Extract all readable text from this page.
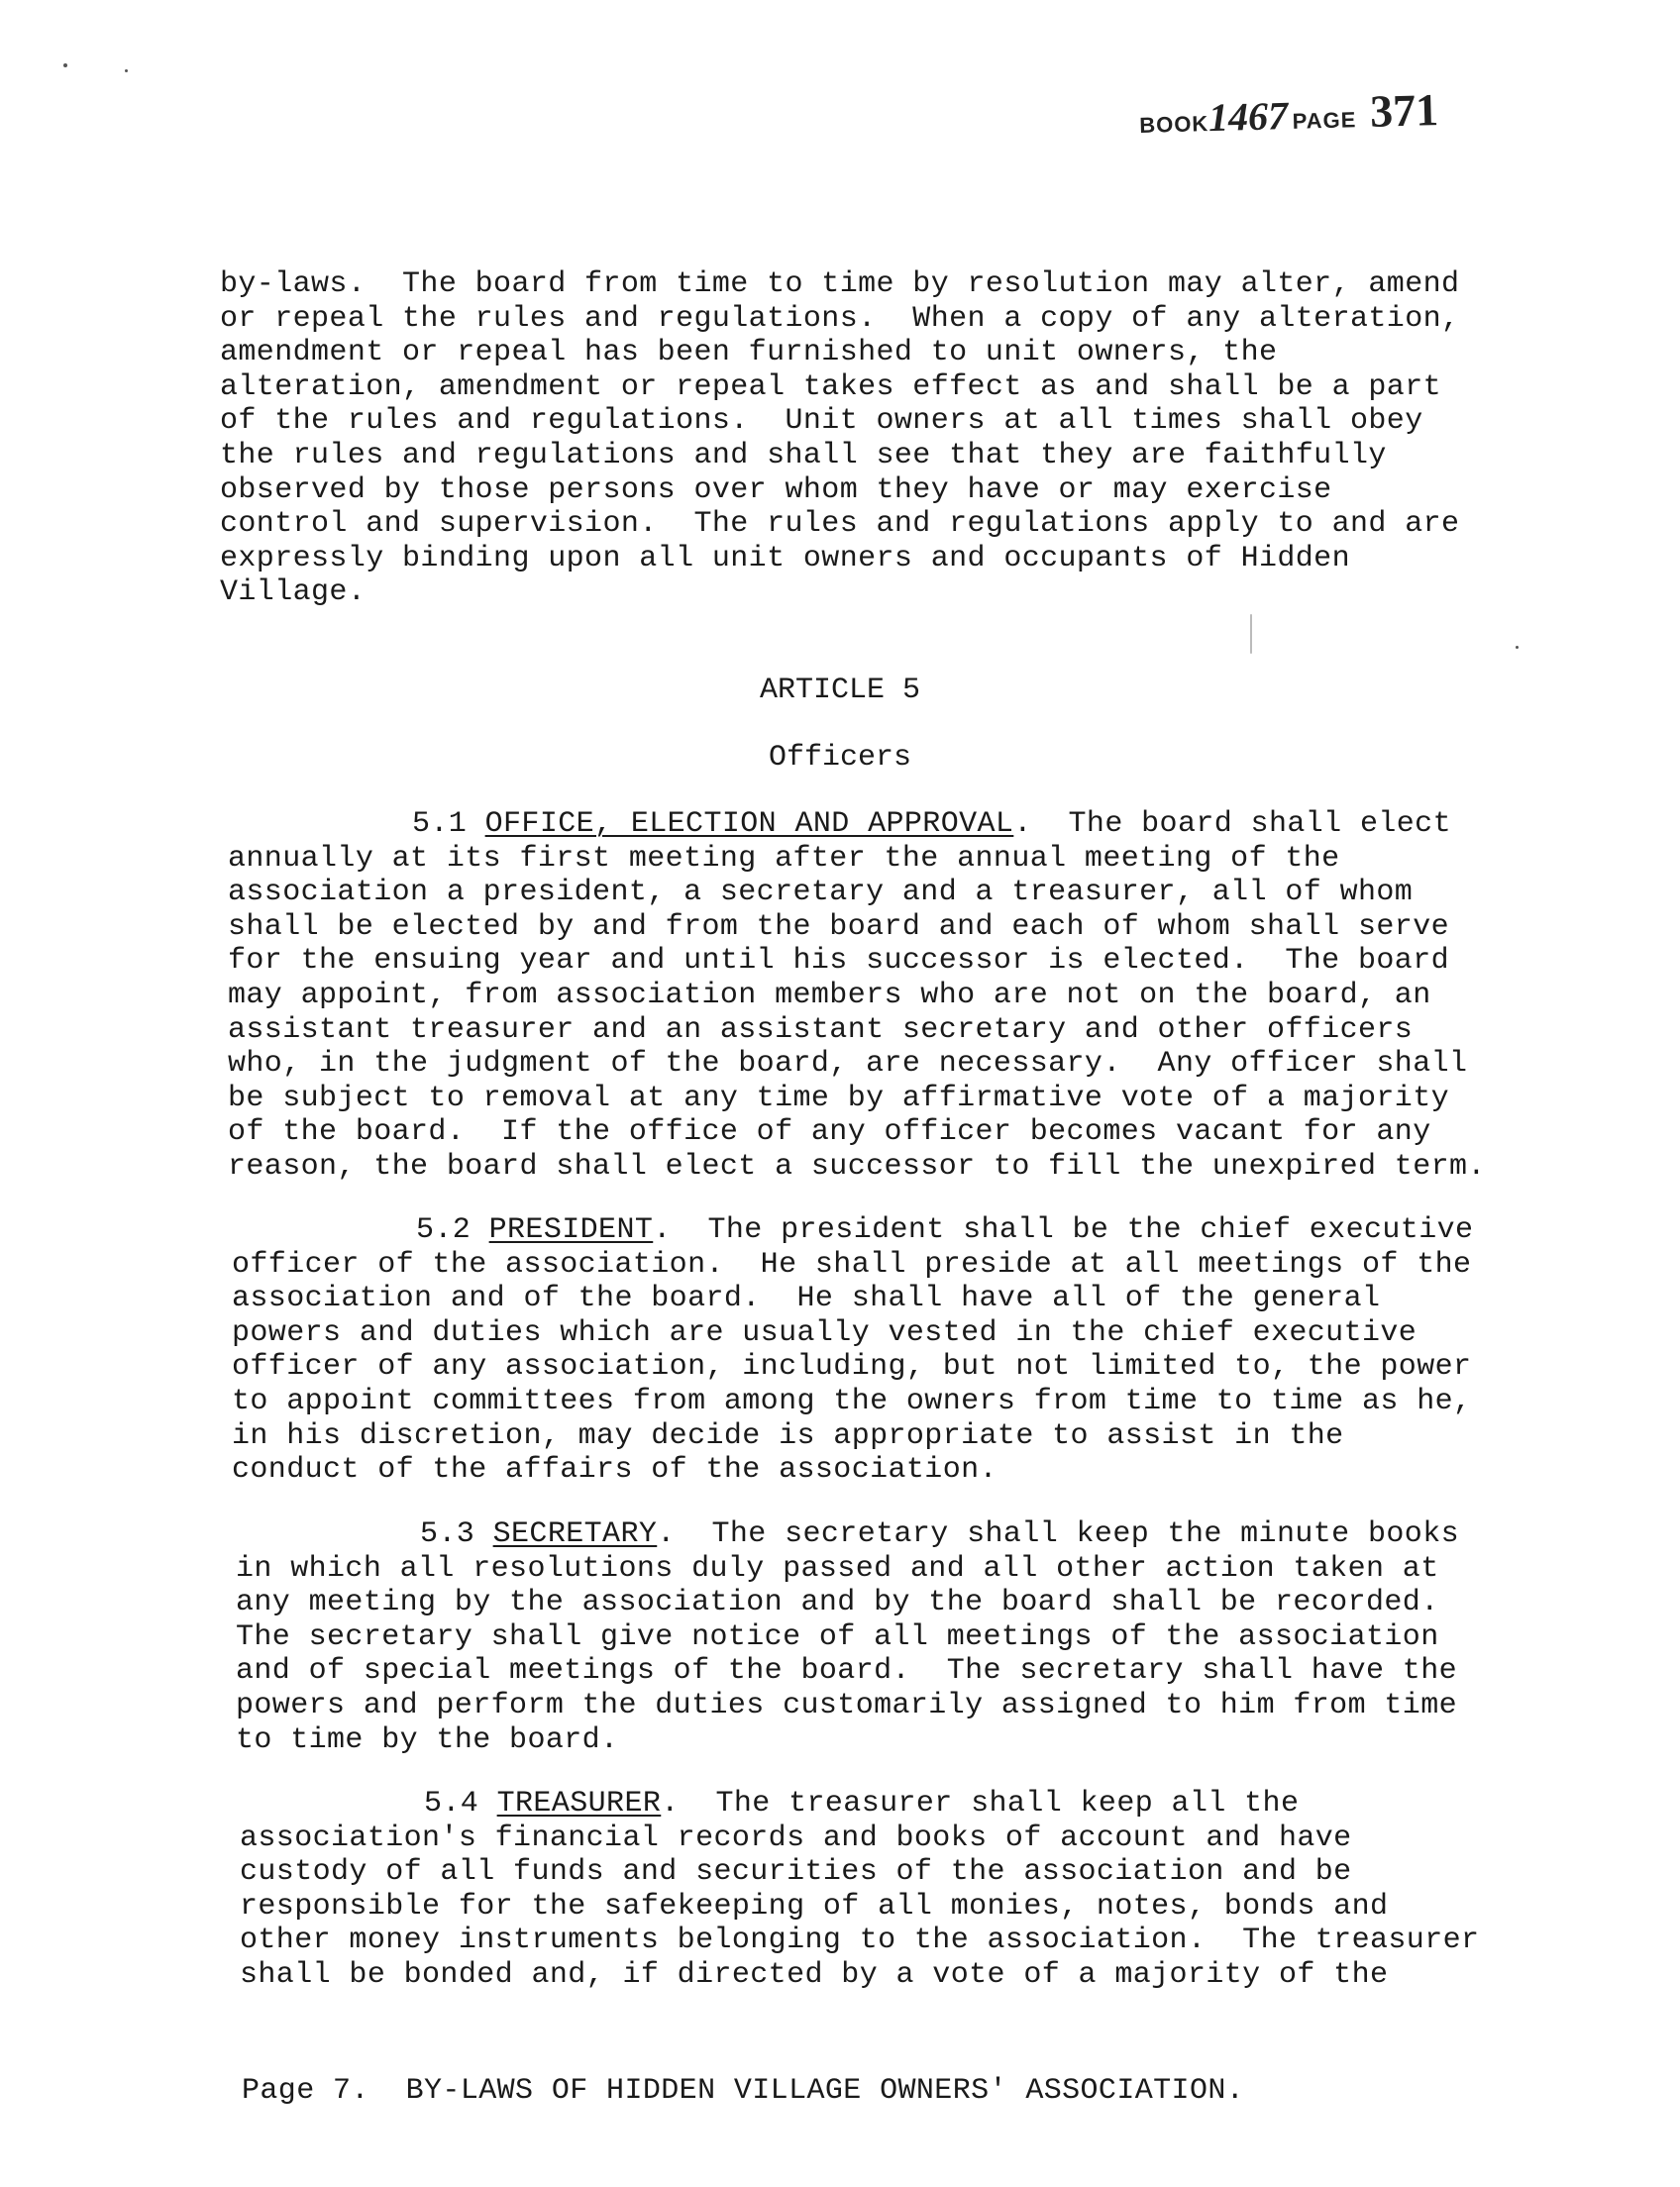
BOOK1467 PAGE 371
by-laws.  The board from time to time by resolution may alter, amend
or repeal the rules and regulations.  When a copy of any alteration,
amendment or repeal has been furnished to unit owners, the
alteration, amendment or repeal takes effect as and shall be a part
of the rules and regulations.  Unit owners at all times shall obey
the rules and regulations and shall see that they are faithfully
observed by those persons over whom they have or may exercise
control and supervision.  The rules and regulations apply to and are
expressly binding upon all unit owners and occupants of Hidden
Village.
ARTICLE 5
Officers
5.1 OFFICE, ELECTION AND APPROVAL.  The board shall elect
annually at its first meeting after the annual meeting of the
association a president, a secretary and a treasurer, all of whom
shall be elected by and from the board and each of whom shall serve
for the ensuing year and until his successor is elected.  The board
may appoint, from association members who are not on the board, an
assistant treasurer and an assistant secretary and other officers
who, in the judgment of the board, are necessary.  Any officer shall
be subject to removal at any time by affirmative vote of a majority
of the board.  If the office of any officer becomes vacant for any
reason, the board shall elect a successor to fill the unexpired term.
5.2 PRESIDENT.  The president shall be the chief executive
officer of the association.  He shall preside at all meetings of the
association and of the board.  He shall have all of the general
powers and duties which are usually vested in the chief executive
officer of any association, including, but not limited to, the power
to appoint committees from among the owners from time to time as he,
in his discretion, may decide is appropriate to assist in the
conduct of the affairs of the association.
5.3 SECRETARY.  The secretary shall keep the minute books
in which all resolutions duly passed and all other action taken at
any meeting by the association and by the board shall be recorded.
The secretary shall give notice of all meetings of the association
and of special meetings of the board.  The secretary shall have the
powers and perform the duties customarily assigned to him from time
to time by the board.
5.4 TREASURER.  The treasurer shall keep all the
association's financial records and books of account and have
custody of all funds and securities of the association and be
responsible for the safekeeping of all monies, notes, bonds and
other money instruments belonging to the association.  The treasurer
shall be bonded and, if directed by a vote of a majority of the
Page 7.  BY-LAWS OF HIDDEN VILLAGE OWNERS' ASSOCIATION.
